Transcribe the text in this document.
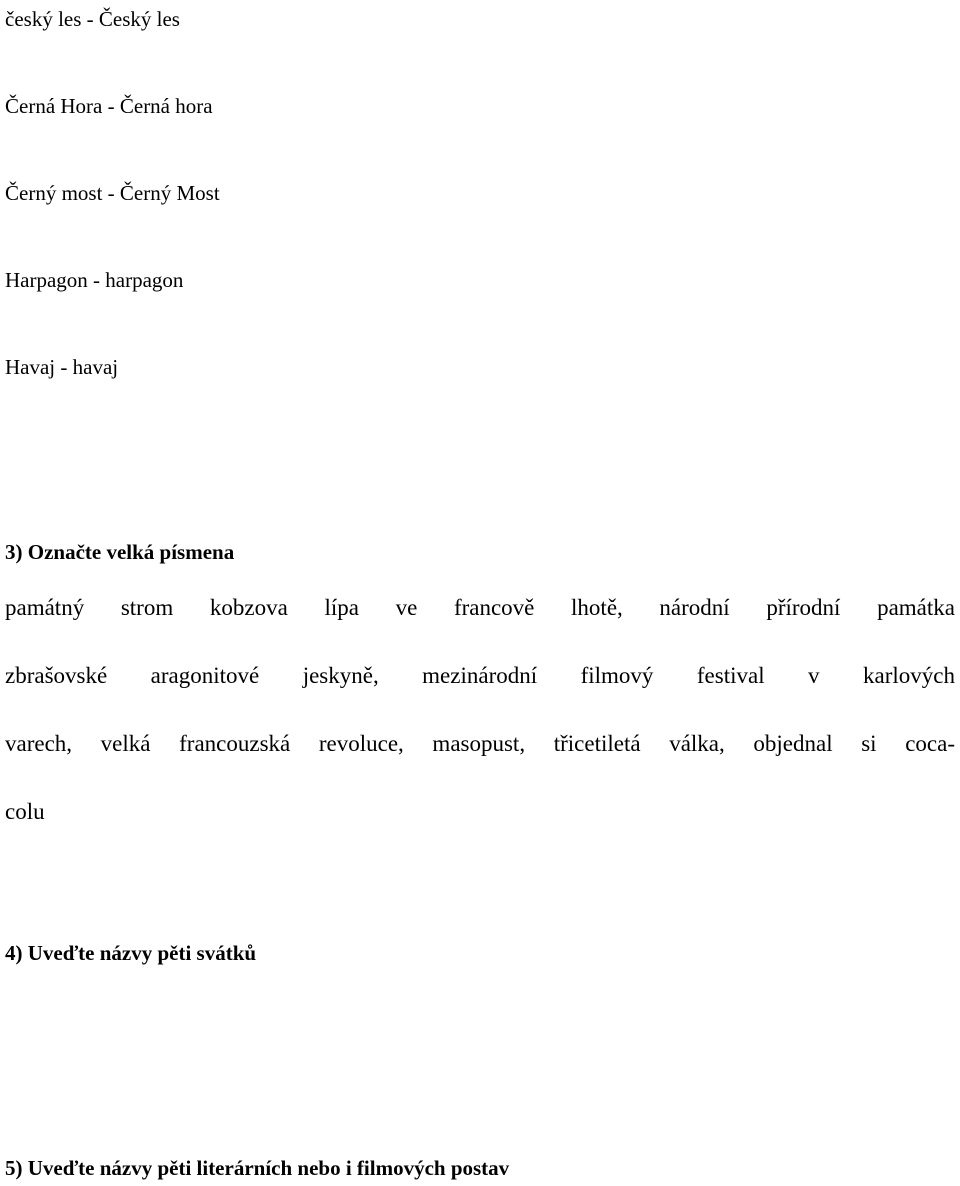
český les - Český les
Černá Hora - Černá hora
Černý most - Černý Most
Harpagon - harpagon
Havaj - havaj
3) Označte velká písmena
památný strom kobzova lípa ve francově lhotě, národní přírodní památka
zbrašovské aragonitové jeskyně, mezinárodní filmový festival v karlových
varech, velká francouzská revoluce, masopust, třicetiletá válka, objednal si coca-
colu
4) Uveďte názvy pěti svátků
5) Uveďte názvy pěti literárních nebo i filmových postav
